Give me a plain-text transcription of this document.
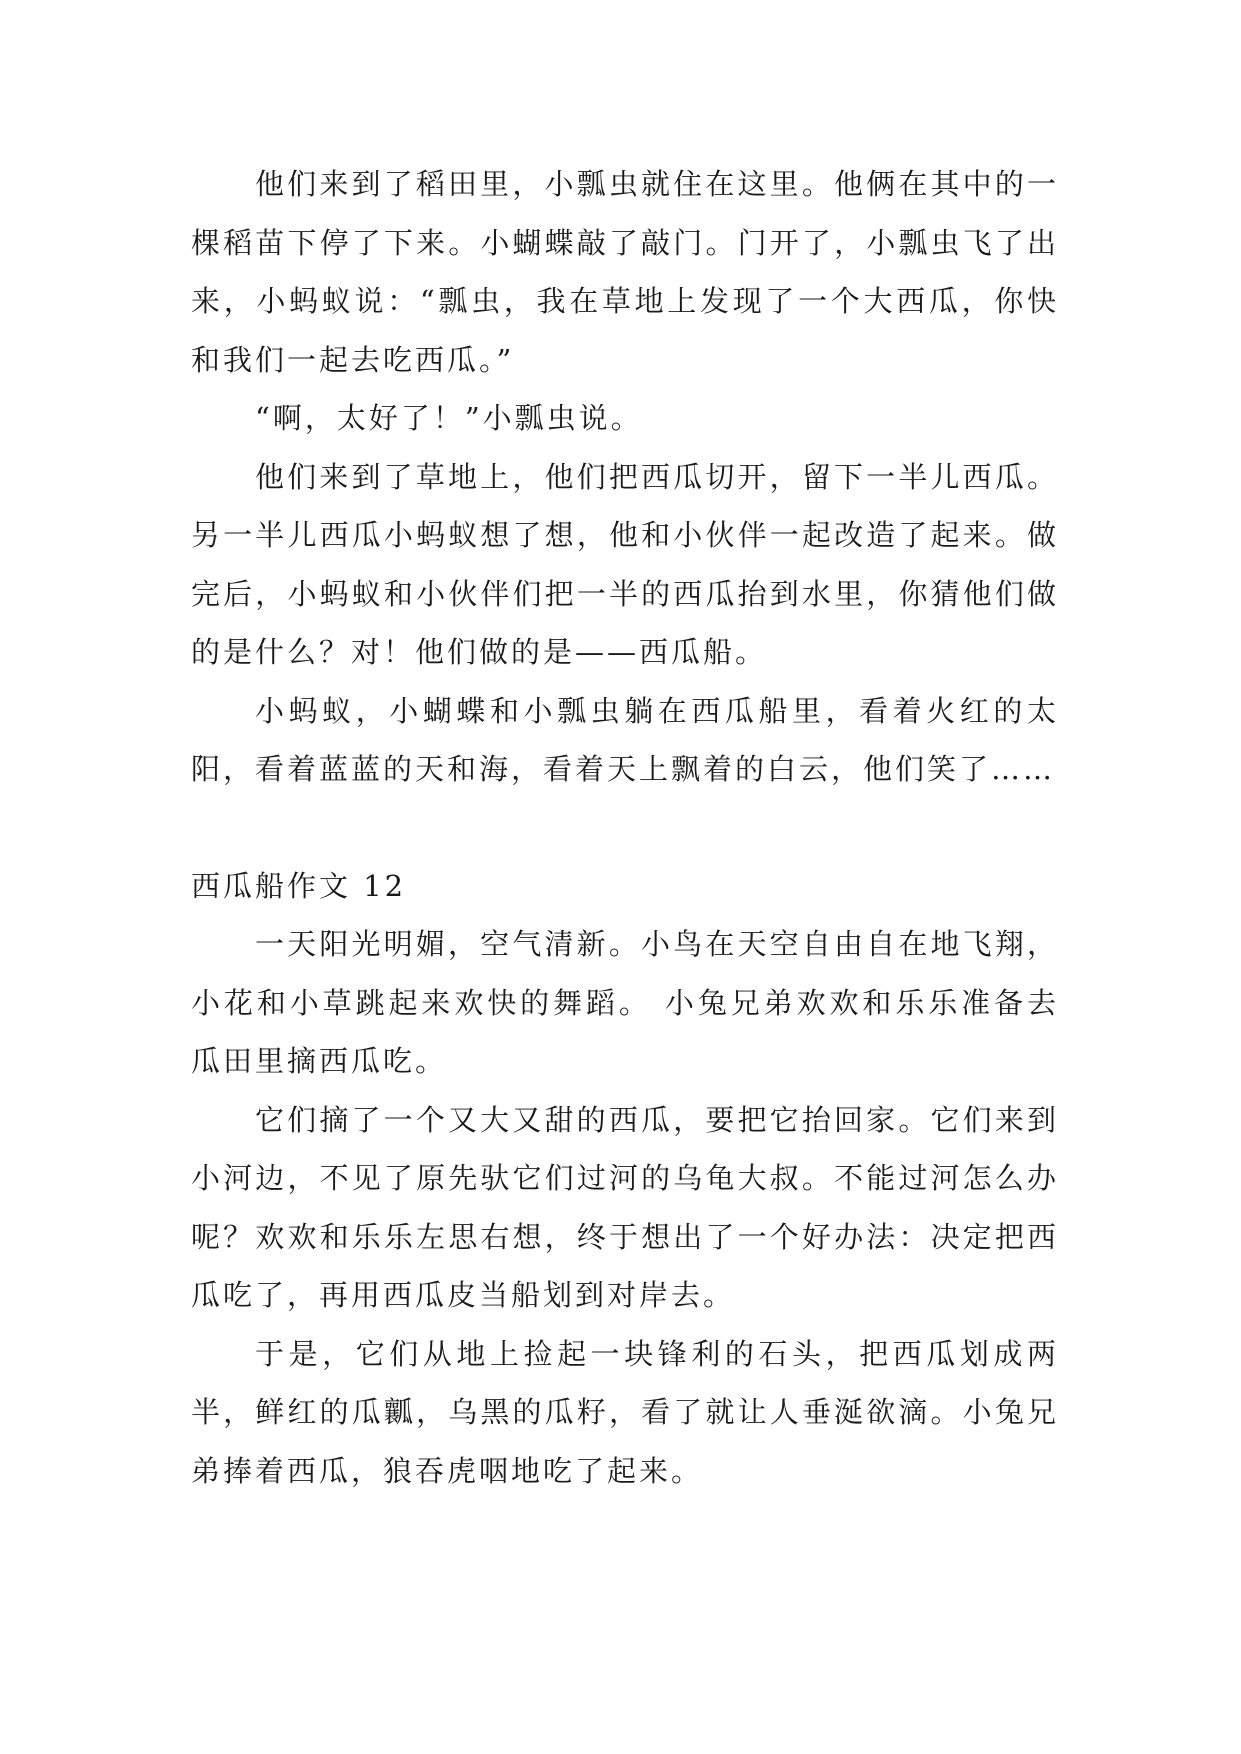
他们来到了稻田里，小瓢虫就住在这里。他俩在其中的一棵稻苗下停了下来。小蝴蝶敲了敲门。门开了，小瓢虫飞了出来，小蚂蚁说：“瓢虫，我在草地上发现了一个大西瓜，你快和我们一起去吃西瓜。”

“啊，太好了！”小瓢虫说。

他们来到了草地上，他们把西瓜切开，留下一半儿西瓜。另一半儿西瓜小蚂蚁想了想，他和小伙伴一起改造了起来。做完后，小蚂蚁和小伙伴们把一半的西瓜抬到水里，你猜他们做的是什么？对！他们做的是——西瓜船。

小蚂蚁，小蝴蝶和小瓢虫躺在西瓜船里，看着火红的太阳，看着蓝蓝的天和海，看着天上飘着的白云，他们笑了……

西瓜船作文 12

一天阳光明媚，空气清新。小鸟在天空自由自在地飞翔，小花和小草跳起来欢快的舞蹈。 小兔兄弟欢欢和乐乐准备去瓜田里摘西瓜吃。

它们摘了一个又大又甜的西瓜，要把它抬回家。它们来到小河边，不见了原先驮它们过河的乌龟大叔。不能过河怎么办呢？欢欢和乐乐左思右想，终于想出了一个好办法：决定把西瓜吃了，再用西瓜皮当船划到对岸去。

于是，它们从地上捡起一块锋利的石头，把西瓜划成两半，鲜红的瓜瓤，乌黑的瓜籽，看了就让人垂涎欲滴。小兔兄弟捧着西瓜，狼吞虎咽地吃了起来。
